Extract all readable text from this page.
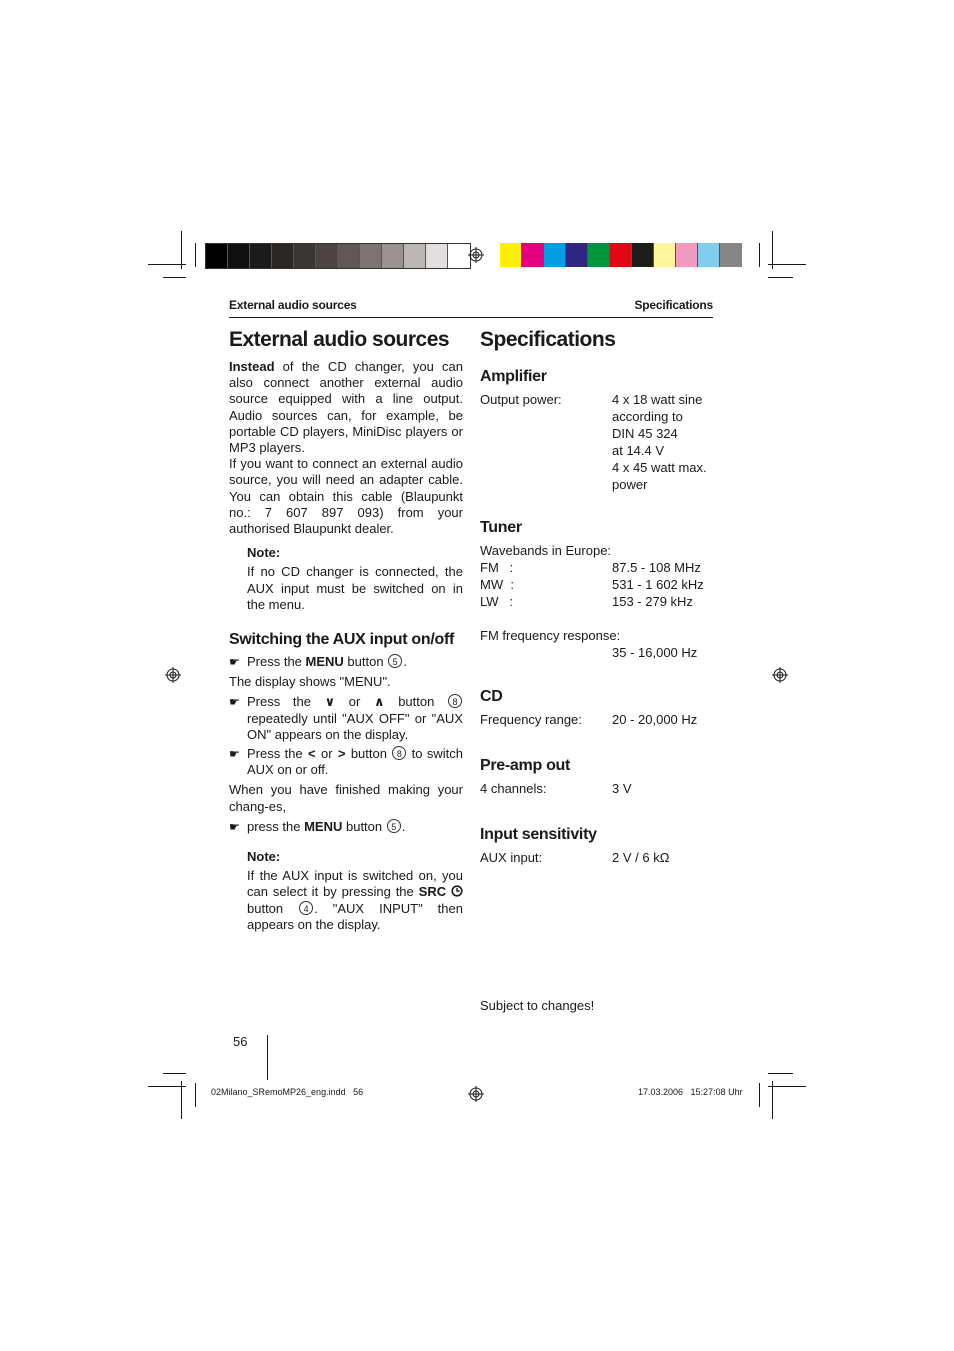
External audio sources	Specifications
External audio sources

Instead of the CD changer, you can also connect another external audio source equipped with a line output. Audio sources can, for example, be portable CD players, MiniDisc players or MP3 players.

If you want to connect an external audio source, you will need an adapter cable. You can obtain this cable (Blaupunkt no.: 7 607 897 093) from your authorised Blaupunkt dealer.

Note:

If no CD changer is connected, the AUX input must be switched on in the menu.

Switching the AUX input on/off
☛ Press the MENU button 5 .

The display shows "MENU".

☛ Press the ∨ or ∧ button 8 repeatedly until "AUX OFF" or "AUX ON" appears on the display.
☛ Press the < or > button 8 to switch AUX on or off.

When you have finished making your chang-es,

☛ press the MENU button 5 .
Note:

If the AUX input is switched on, you can select it by pressing the SRC  button 4 . "AUX INPUT" then appears on the display.

Specifications
Amplifier
Output power:	4 x 18 watt sine
according to
DIN 45 324
at 14.4 V
4 x 45 watt max.
power
Tuner
Wavebands in Europe:
FM   :	87.5 - 108 MHz
MW  :	531 - 1 602 kHz
LW   :	153 - 279 kHz
FM frequency response:
35 - 16,000 Hz
CD
Frequency range:	20 - 20,000 Hz
Pre-amp out
4 channels:	3 V
Input sensitivity
AUX input:	2 V / 6 kΩ
Subject to changes!
56
02Milano_SRemoMP26_eng.indd   56	17.03.2006   15:27:08 Uhr
